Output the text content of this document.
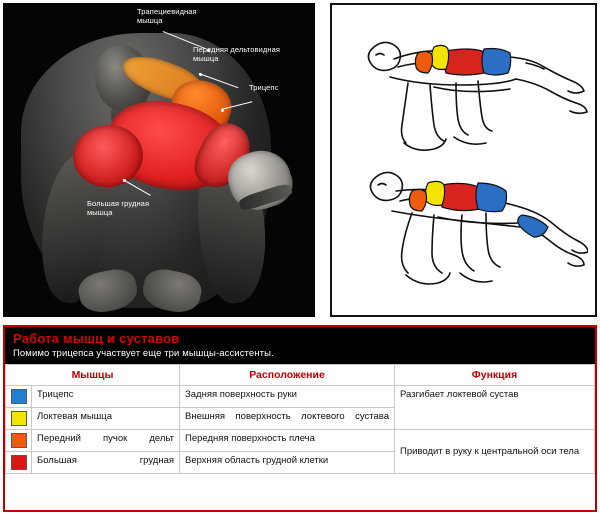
Трапециевидная
мышца
Передняя дельтовидная
мышца
Трицепс
Большая грудная
мышца
Работа мышц и суставов
Помимо трицепса участвует еще три мышцы-ассистенты.
Мышцы		Расположение	Функция
	Трицепс	Задняя поверхность руки	Разгибает локтевой сустав
	Локтевая мышца	Внешняя поверхность локтевого сустава	
	Передний пучок дельт	Передняя поверхность плеча	Приводит в руку к центральной оси тела
	Большая грудная	Верхняя область грудной клетки	
